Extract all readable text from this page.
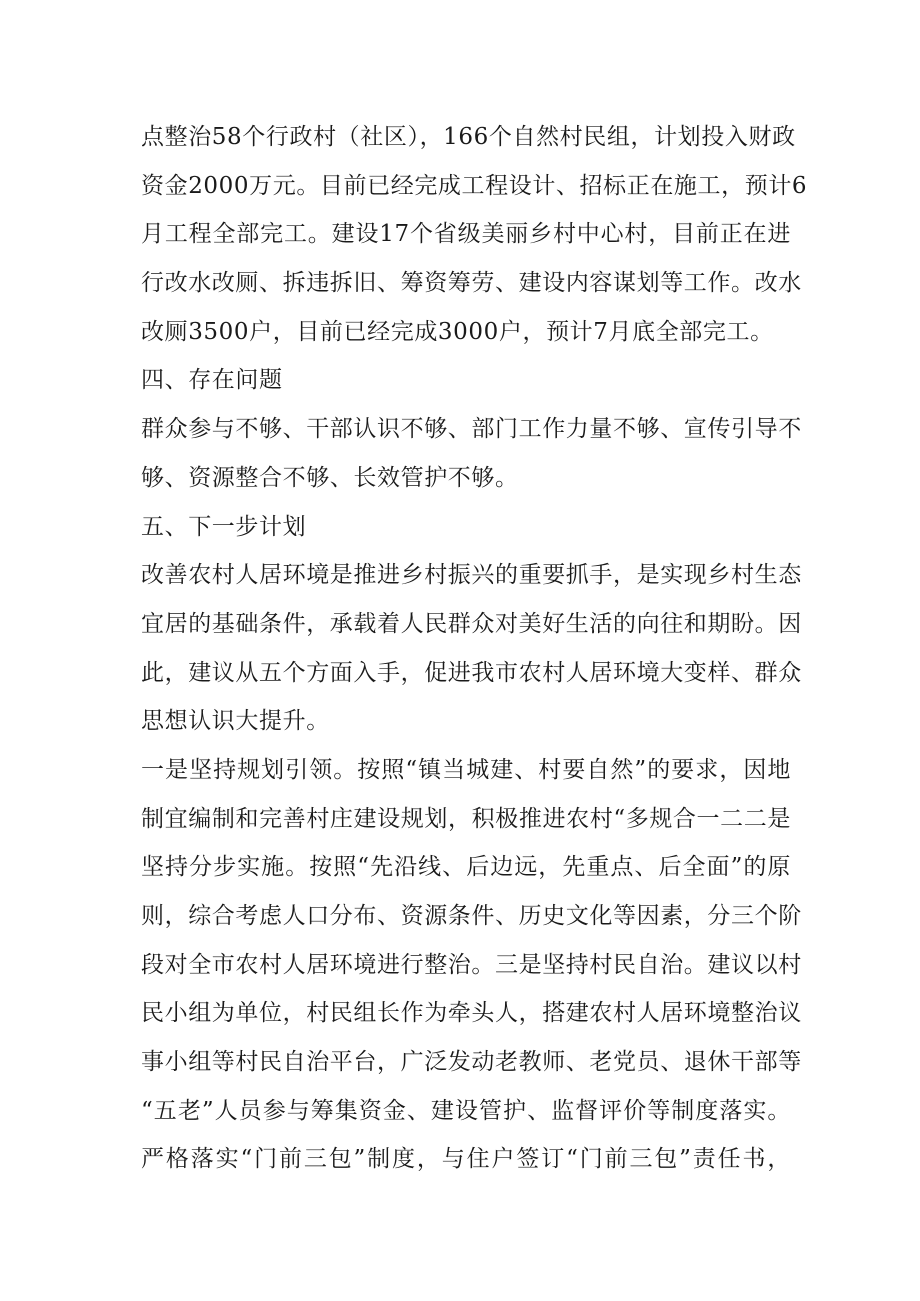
点整治58个行政村（社区），166个自然村民组，计划投入财政
资金2000万元。目前已经完成工程设计、招标正在施工，预计6
月工程全部完工。建设17个省级美丽乡村中心村，目前正在进
行改水改厕、拆违拆旧、筹资筹劳、建设内容谋划等工作。改水
改厕3500户，目前已经完成3000户，预计7月底全部完工。
四、存在问题
群众参与不够、干部认识不够、部门工作力量不够、宣传引导不
够、资源整合不够、长效管护不够。
五、下一步计划
改善农村人居环境是推进乡村振兴的重要抓手，是实现乡村生态
宜居的基础条件，承载着人民群众对美好生活的向往和期盼。因
此，建议从五个方面入手，促进我市农村人居环境大变样、群众
思想认识大提升。
一是坚持规划引领。按照“镇当城建、村要自然”的要求，因地
制宜编制和完善村庄建设规划，积极推进农村“多规合一二二是
坚持分步实施。按照“先沿线、后边远，先重点、后全面”的原
则，综合考虑人口分布、资源条件、历史文化等因素，分三个阶
段对全市农村人居环境进行整治。三是坚持村民自治。建议以村
民小组为单位，村民组长作为牵头人，搭建农村人居环境整治议
事小组等村民自治平台，广泛发动老教师、老党员、退休干部等
“五老”人员参与筹集资金、建设管护、监督评价等制度落实。
严格落实“门前三包”制度，与住户签订“门前三包”责任书，
